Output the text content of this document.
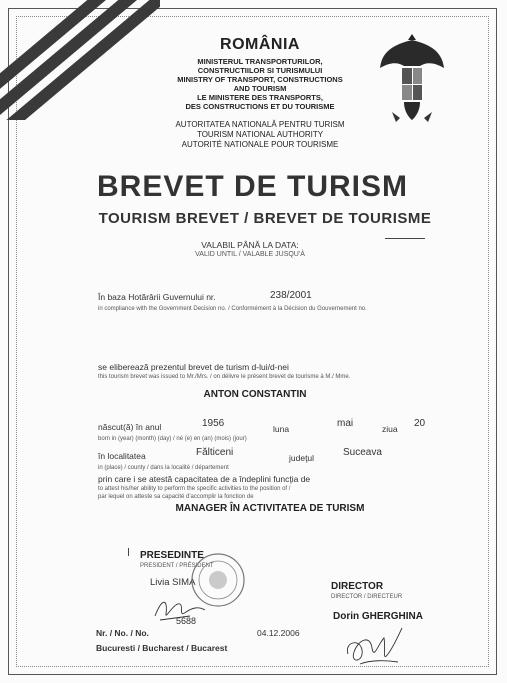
ROMÂNIA
MINISTERUL TRANSPORTURILOR,
CONSTRUCTIILOR SI TURISMULUI
MINISTRY OF TRANSPORT, CONSTRUCTIONS
AND TOURISM
LE MINISTERE DES TRANSPORTS,
DES CONSTRUCTIONS ET DU TOURISME
AUTORITATEA NATIONALĂ PENTRU TURISM
TOURISM NATIONAL AUTHORITY
AUTORITÉ NATIONALE POUR TOURISME
BREVET DE TURISM
TOURISM BREVET / BREVET DE TOURISME
VALABIL PÂNĂ LA DATA:
VALID UNTIL / VALABLE JUSQU'À
În baza Hotărârii Guvernului nr.	238/2001
in compliance with the Government Decision no. / Conformément à la Décision du Gouvernement no.
se eliberează prezentul brevet de turism d-lui/d-nei
this tourism brevet was issued to Mr./Mrs. / on délivre le présent brevet de tourisme à M./ Mme.
ANTON CONSTANTIN
născut(ă) în anul	1956	luna	mai	ziua 20
born in (year) (month) (day) / né (e) en (an) (mois) (jour)
în localitatea	Fălticeni	judeţul	Suceava
in (place) / county / dans la localité / département
prin care i se atestă capacitatea de a îndeplini funcţia de
to attest his/her ability to perform the specific activities to the position of /
par lequel on atteste sa capacité d'accomplir la fonction de
MANAGER ÎN ACTIVITATEA DE TURISM
PRESEDINTE
PRESIDENT / PRÉSIDENT
Livia SIMA	DIRECTOR
DIRECTOR / DIRECTEUR
Dorin GHERGHINA
Nr. / No. / No.
5688
04.12.2006
Bucuresti / Bucharest / Bucarest
